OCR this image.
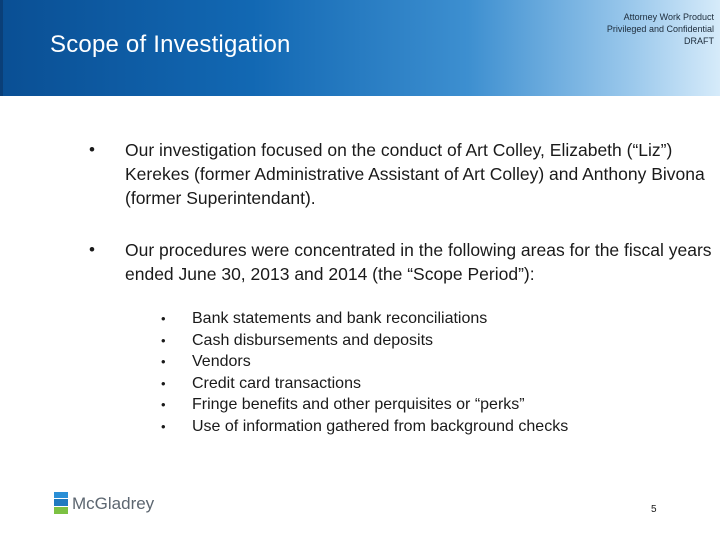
Scope of Investigation
Attorney Work Product
Privileged and Confidential
DRAFT
• Our investigation focused on the conduct of Art Colley, Elizabeth (“Liz”) Kerekes (former Administrative Assistant of Art Colley) and Anthony Bivona (former Superintendant).
• Our procedures were concentrated in the following areas for the fiscal years ended June 30, 2013 and 2014 (the “Scope Period”):
• Bank statements and bank reconciliations
• Cash disbursements and deposits
• Vendors
• Credit card transactions
• Fringe benefits and other perquisites or “perks”
• Use of information gathered from background checks
McGladrey	5
